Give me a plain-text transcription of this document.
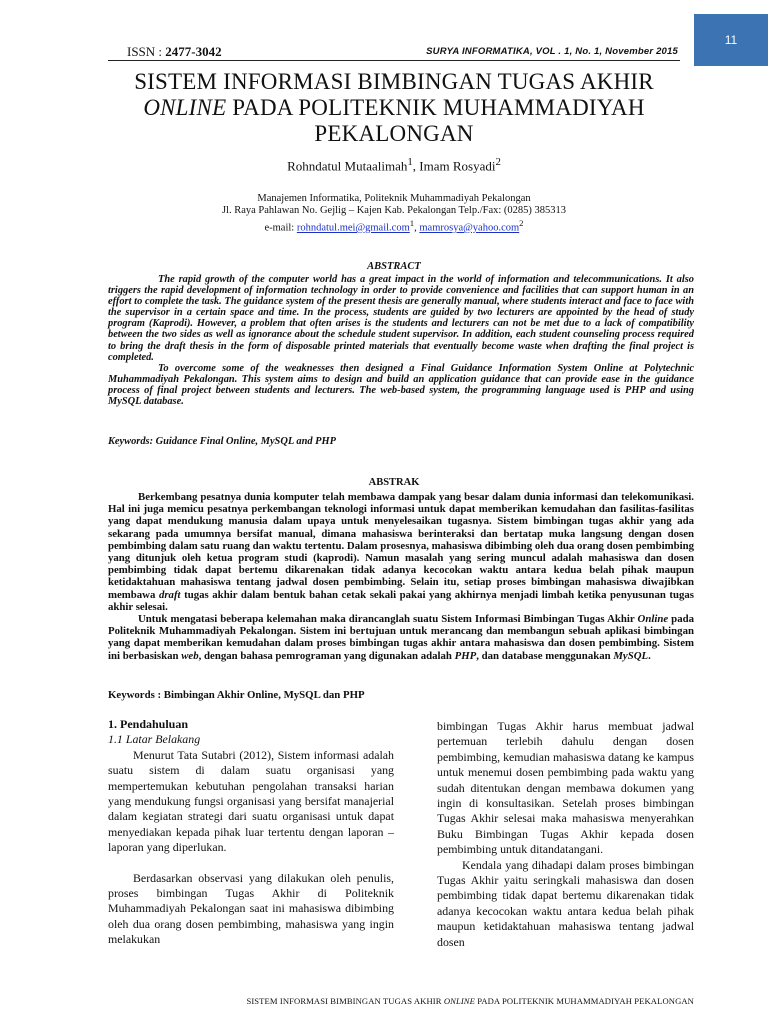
11
ISSN : 2477-3042	SURYA INFORMATIKA, VOL . 1, No. 1, November 2015
SISTEM INFORMASI BIMBINGAN TUGAS AKHIR
ONLINE PADA POLITEKNIK MUHAMMADIYAH
PEKALONGAN
Rohndatul Mutaalimah$^1$, Imam Rosyadi$^2$
Manajemen Informatika, Politeknik Muhammadiyah Pekalongan
Jl. Raya Pahlawan No. Gejlig – Kajen Kab. Pekalongan Telp./Fax: (0285) 385313
e-mail: rohndatul.mei@gmail.com$^1$, mamrosya@yahoo.com$^2$
ABSTRACT

The rapid growth of the computer world has a great impact in the world of information and telecommunications. It also triggers the rapid development of information technology in order to provide convenience and facilities that can support human in an effort to complete the task. The guidance system of the present thesis are generally manual, where students interact and face to face with the supervisor in a certain space and time. In the process, students are guided by two lecturers are appointed by the head of study program (Kaprodi). However, a problem that often arises is the students and lecturers can not be met due to a lack of compatibility between the two sides as well as ignorance about the schedule student supervisor. In addition, each student counseling process required to bring the draft thesis in the form of disposable printed materials that eventually become waste when drafting the final project is completed.

To overcome some of the weaknesses then designed a Final Guidance Information System Online at Polytechnic Muhammadiyah Pekalongan. This system aims to design and build an application guidance that can provide ease in the guidance process of final project between students and lecturers. The web-based system, the programming language used is PHP and using MySQL database.

Keywords: Guidance Final Online, MySQL and PHP
ABSTRAK

Berkembang pesatnya dunia komputer telah membawa dampak yang besar dalam dunia informasi dan telekomunikasi. Hal ini juga memicu pesatnya perkembangan teknologi informasi untuk dapat memberikan kemudahan dan fasilitas-fasilitas yang dapat mendukung manusia dalam upaya untuk menyelesaikan tugasnya. Sistem bimbingan tugas akhir yang ada sekarang pada umumnya bersifat manual, dimana mahasiswa berinteraksi dan bertatap muka langsung dengan dosen pembimbing dalam satu ruang dan waktu tertentu. Dalam prosesnya, mahasiswa dibimbing oleh dua orang dosen pembimbing yang ditunjuk oleh ketua program studi (kaprodi). Namun masalah yang sering muncul adalah mahasiswa dan dosen pembimbing tidak dapat bertemu dikarenakan tidak adanya kecocokan waktu antara kedua belah pihak maupun ketidaktahuan mahasiswa tentang jadwal dosen pembimbing. Selain itu, setiap proses bimbingan mahasiswa diwajibkan membawa draft tugas akhir dalam bentuk bahan cetak sekali pakai yang akhirnya menjadi limbah ketika penyusunan tugas akhir selesai.

Untuk mengatasi beberapa kelemahan maka dirancanglah suatu Sistem Informasi Bimbingan Tugas Akhir Online pada Politeknik Muhammadiyah Pekalongan. Sistem ini bertujuan untuk merancang dan membangun sebuah aplikasi bimbingan yang dapat memberikan kemudahan dalam proses bimbingan tugas akhir antara mahasiswa dan dosen pembimbing. Sistem ini berbasiskan web, dengan bahasa pemrograman yang digunakan adalah PHP, dan database menggunakan MySQL.

Keywords : Bimbingan Akhir Online, MySQL dan PHP

1. Pendahuluan

1.1 Latar Belakang

Menurut Tata Sutabri (2012), Sistem informasi adalah suatu sistem di dalam suatu organisasi yang mempertemukan kebutuhan pengolahan transaksi harian yang mendukung fungsi organisasi yang bersifat manajerial dalam kegiatan strategi dari suatu organisasi untuk dapat menyediakan kepada pihak luar tertentu dengan laporan – laporan yang diperlukan.

Berdasarkan observasi yang dilakukan oleh penulis, proses bimbingan Tugas Akhir di Politeknik Muhammadiyah Pekalongan saat ini mahasiswa dibimbing oleh dua orang dosen pembimbing, mahasiswa yang ingin melakukan

bimbingan Tugas Akhir harus membuat jadwal pertemuan terlebih dahulu dengan dosen pembimbing, kemudian mahasiswa datang ke kampus untuk menemui dosen pembimbing pada waktu yang sudah ditentukan dengan membawa dokumen yang ingin di konsultasikan. Setelah proses bimbingan Tugas Akhir selesai maka mahasiswa menyerahkan Buku Bimbingan Tugas Akhir kepada dosen pembimbing untuk ditandatangani.

Kendala yang dihadapi dalam proses bimbingan Tugas Akhir yaitu seringkali mahasiswa dan dosen pembimbing tidak dapat bertemu dikarenakan tidak adanya kecocokan waktu antara kedua belah pihak maupun ketidaktahuan mahasiswa tentang jadwal dosen

SISTEM INFORMASI BIMBINGAN TUGAS AKHIR ONLINE PADA POLITEKNIK MUHAMMADIYAH PEKALONGAN
